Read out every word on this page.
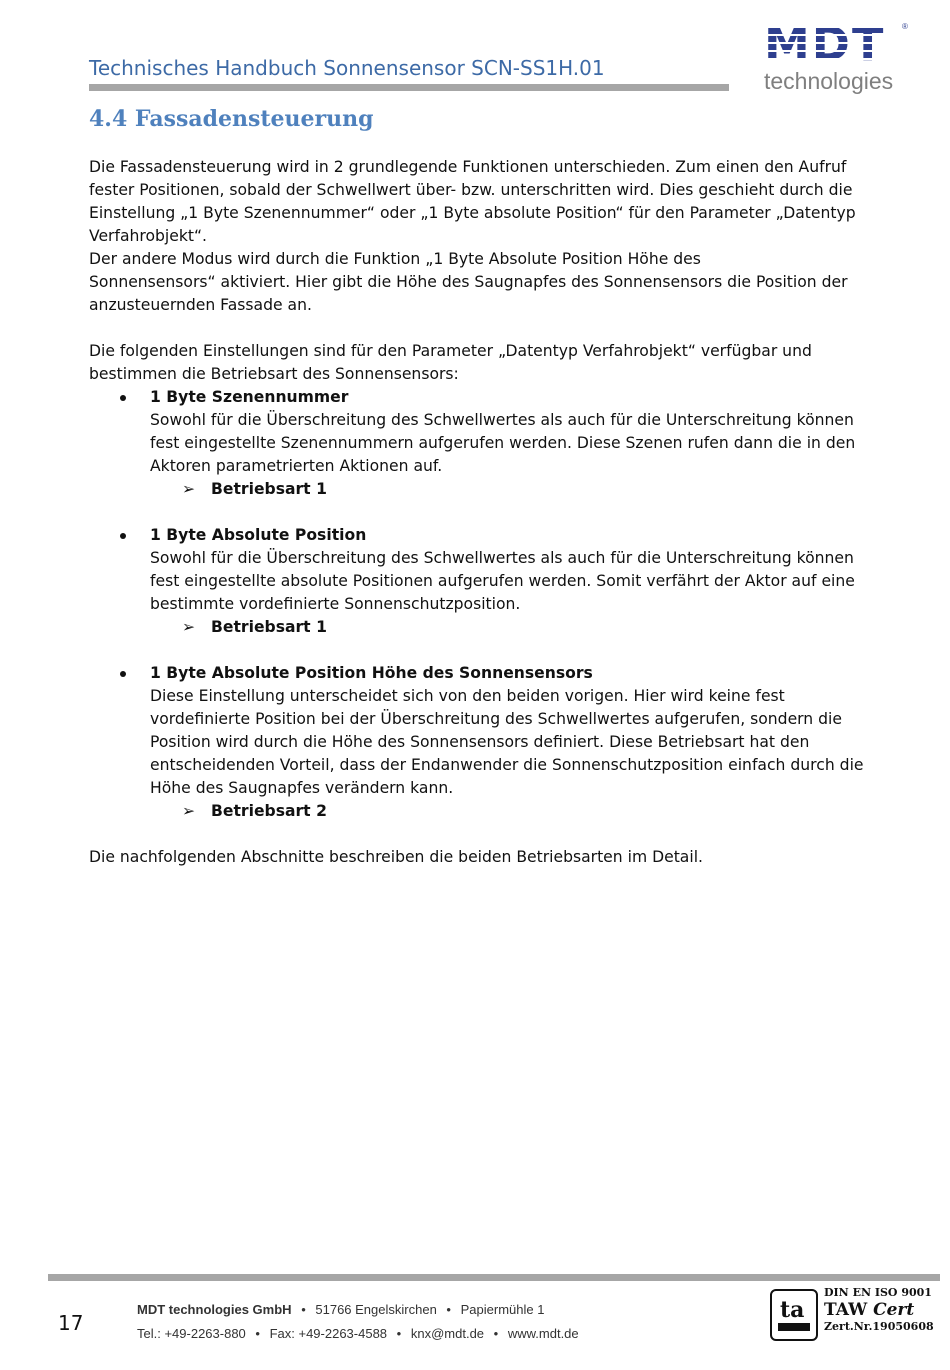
Technisches Handbuch Sonnensensor SCN-SS1H.01	MDT ®
technologies
4.4 Fassadensteuerung

Die Fassadensteuerung wird in 2 grundlegende Funktionen unterschieden. Zum einen den Aufruf

fester Positionen, sobald der Schwellwert über- bzw. unterschritten wird. Dies geschieht durch die

Einstellung „1 Byte Szenennummer“ oder „1 Byte absolute Position“ für den Parameter „Datentyp

Verfahrobjekt“.

Der andere Modus wird durch die Funktion „1 Byte Absolute Position Höhe des

Sonnensensors“ aktiviert. Hier gibt die Höhe des Saugnapfes des Sonnensensors die Position der

anzusteuernden Fassade an.

Die folgenden Einstellungen sind für den Parameter „Datentyp Verfahrobjekt“ verfügbar und

bestimmen die Betriebsart des Sonnensensors:

1 Byte Szenennummer

Sowohl für die Überschreitung des Schwellwertes als auch für die Unterschreitung können

fest eingestellte Szenennummern aufgerufen werden. Diese Szenen rufen dann die in den

Aktoren parametrierten Aktionen auf.

➢ Betriebsart 1

1 Byte Absolute Position

Sowohl für die Überschreitung des Schwellwertes als auch für die Unterschreitung können

fest eingestellte absolute Positionen aufgerufen werden. Somit verfährt der Aktor auf eine

bestimmte vordefinierte Sonnenschutzposition.

➢ Betriebsart 1

1 Byte Absolute Position Höhe des Sonnensensors

Diese Einstellung unterscheidet sich von den beiden vorigen. Hier wird keine fest

vordefinierte Position bei der Überschreitung des Schwellwertes aufgerufen, sondern die

Position wird durch die Höhe des Sonnensensors definiert. Diese Betriebsart hat den

entscheidenden Vorteil, dass der Endanwender die Sonnenschutzposition einfach durch die

Höhe des Saugnapfes verändern kann.

➢ Betriebsart 2

Die nachfolgenden Abschnitte beschreiben die beiden Betriebsarten im Detail.

17
MDT technologies GmbH • 51766 Engelskirchen • Papiermühle 1
Tel.: +49-2263-880 • Fax: +49-2263-4588 • knx@mdt.de • www.mdt.de
ta
DIN EN ISO 9001
TAW Cert
Zert.Nr.19050608
